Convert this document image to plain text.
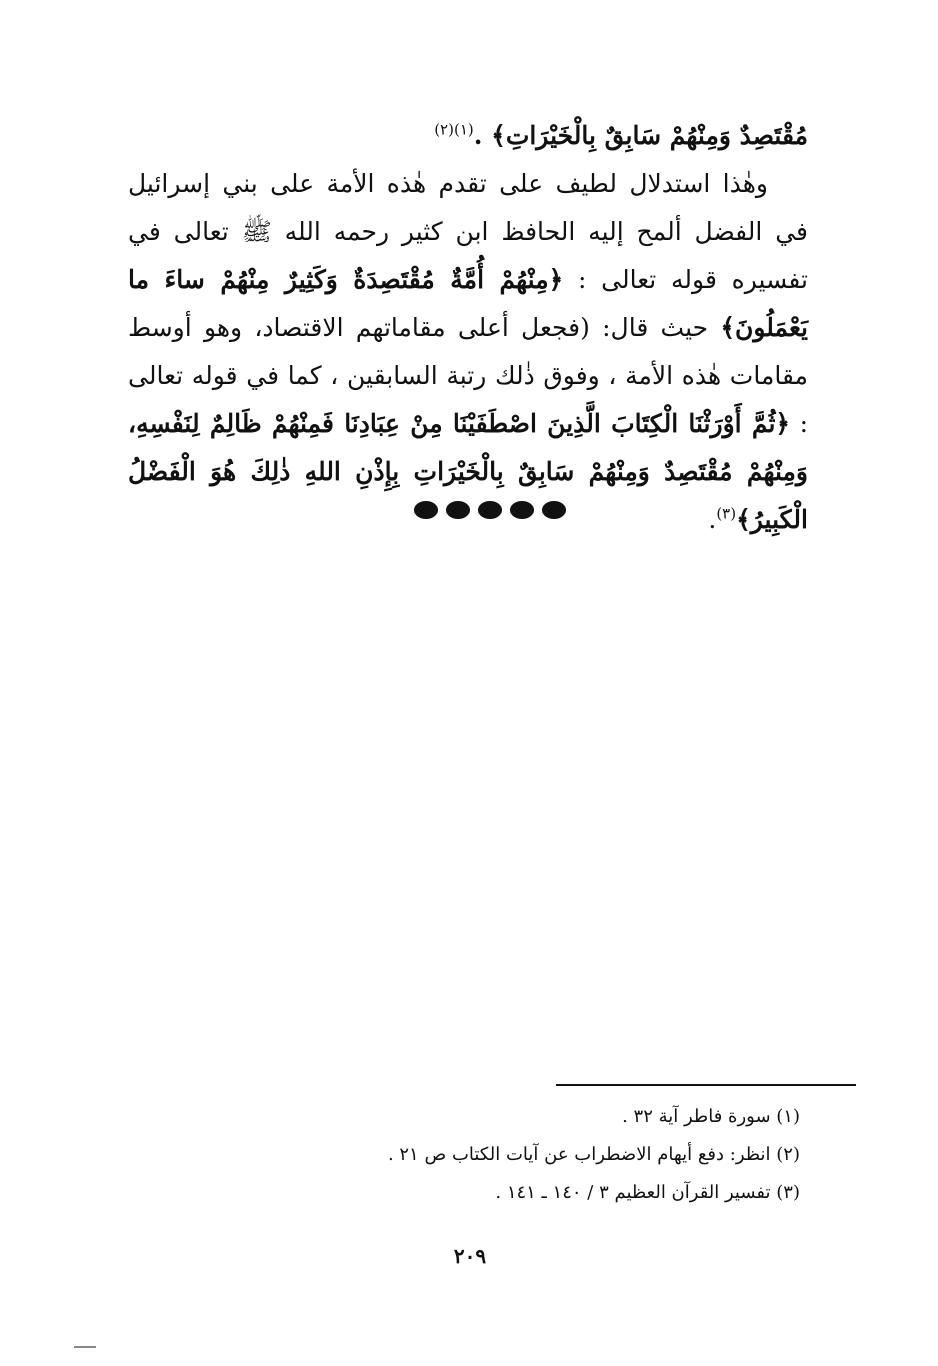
مُقْتَصِدٌ وَمِنْهُمْ سَابِقٌ بِالْخَيْرَاتِ﴾ .$^{(١)(٢)}$

وهٰذا استدلال لطيف على تقدم هٰذه الأمة على بني إسرائيل في الفضل ألمح إليه الحافظ ابن كثير رحمه الله ﷺ تعالى في تفسيره قوله تعالى : ﴿مِنْهُمْ أُمَّةٌ مُقْتَصِدَةٌ وَكَثِيرٌ مِنْهُمْ ساءَ ما يَعْمَلُونَ﴾ حيث قال: (فجعل أعلى مقاماتهم الاقتصاد، وهو أوسط مقامات هٰذه الأمة ، وفوق ذٰلك رتبة السابقين ، كما في قوله تعالى : ﴿ثُمَّ أَوْرَثْنَا الْكِتَابَ الَّذِينَ اصْطَفَيْنَا مِنْ عِبَادِنَا فَمِنْهُمْ ظَالِمٌ لِنَفْسِهِ، وَمِنْهُمْ مُقْتَصِدٌ وَمِنْهُمْ سَابِقٌ بِالْخَيْرَاتِ بِإِذْنِ اللهِ ذٰلِكَ هُوَ الْفَضْلُ الْكَبِيرُ﴾$^{(٣)}$.

(١) سورة فاطر آية ٣٢ .
(٢) انظر: دفع أيهام الاضطراب عن آيات الكتاب ص ٢١ .
(٣) تفسير القرآن العظيم ٣ / ١٤٠ ـ ١٤١ .
٢٠٩
